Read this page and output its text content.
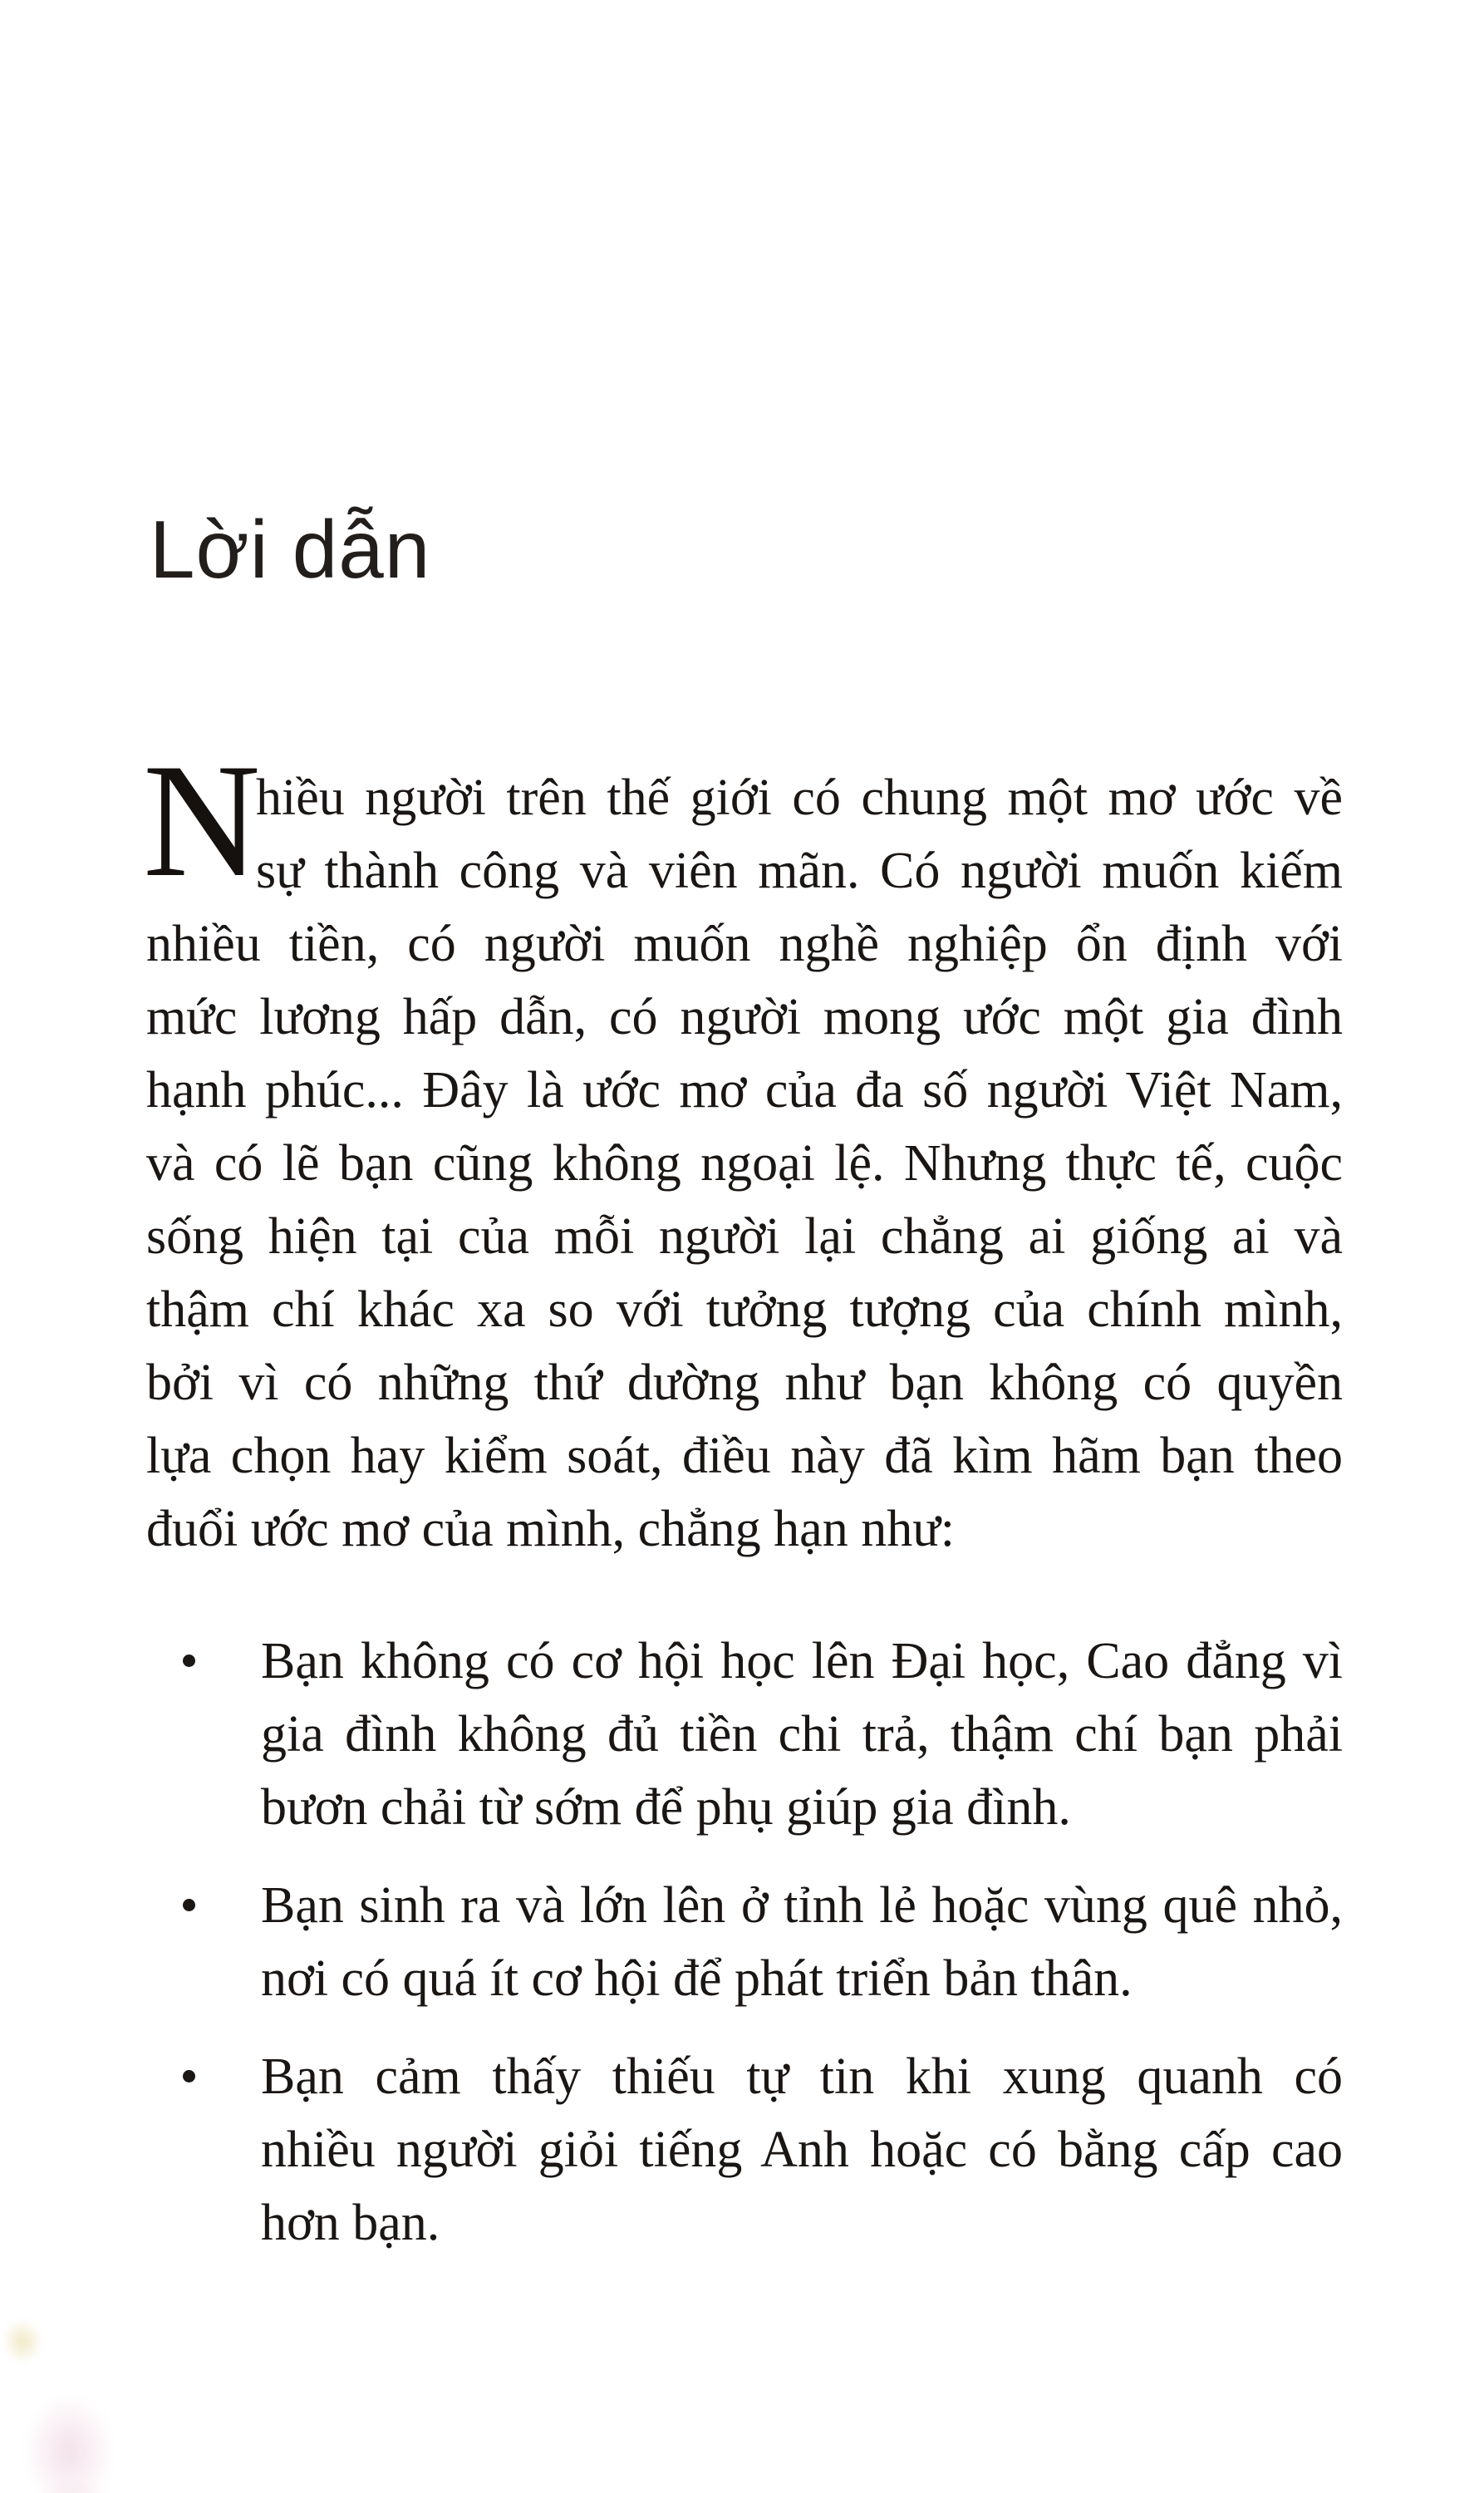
Lời dẫn
N
hiều người trên thế giới có chung một mơ ước về
sự thành công và viên mãn. Có người muốn kiếm
nhiều tiền, có người muốn nghề nghiệp ổn định với
mức lương hấp dẫn, có người mong ước một gia đình
hạnh phúc... Đây là ước mơ của đa số người Việt Nam,
và có lẽ bạn cũng không ngoại lệ. Nhưng thực tế, cuộc
sống hiện tại của mỗi người lại chẳng ai giống ai và
thậm chí khác xa so với tưởng tượng của chính mình,
bởi vì có những thứ dường như bạn không có quyền
lựa chọn hay kiểm soát, điều này đã kìm hãm bạn theo
đuổi ước mơ của mình, chẳng hạn như:
Bạn không có cơ hội học lên Đại học, Cao đẳng vì
gia đình không đủ tiền chi trả, thậm chí bạn phải
bươn chải từ sớm để phụ giúp gia đình.
Bạn sinh ra và lớn lên ở tỉnh lẻ hoặc vùng quê nhỏ,
nơi có quá ít cơ hội để phát triển bản thân.
Bạn cảm thấy thiếu tự tin khi xung quanh có
nhiều người giỏi tiếng Anh hoặc có bằng cấp cao
hơn bạn.
